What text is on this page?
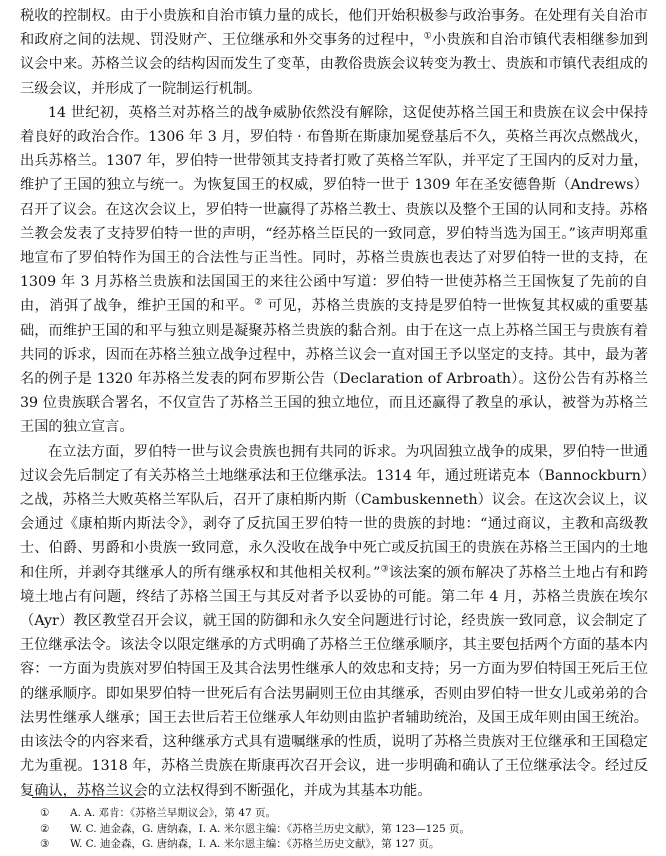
税收的控制权。由于小贵族和自治市镇力量的成长，他们开始积极参与政治事务。在处理有关自治市和政府之间的法规、罚没财产、王位继承和外交事务的过程中，①小贵族和自治市镇代表相继参加到议会中来。苏格兰议会的结构因而发生了变革，由教俗贵族会议转变为教士、贵族和市镇代表组成的三级会议，并形成了一院制运行机制。

14 世纪初，英格兰对苏格兰的战争威胁依然没有解除，这促使苏格兰国王和贵族在议会中保持着良好的政治合作。1306 年 3 月，罗伯特 · 布鲁斯在斯康加冕登基后不久，英格兰再次点燃战火，出兵苏格兰。1307 年，罗伯特一世带领其支持者打败了英格兰军队，并平定了王国内的反对力量，维护了王国的独立与统一。为恢复国王的权威，罗伯特一世于 1309 年在圣安德鲁斯（Andrews）召开了议会。在这次会议上，罗伯特一世赢得了苏格兰教士、贵族以及整个王国的认同和支持。苏格兰教会发表了支持罗伯特一世的声明，“经苏格兰臣民的一致同意，罗伯特当选为国王。”该声明郑重地宣布了罗伯特作为国王的合法性与正当性。同时，苏格兰贵族也表达了对罗伯特一世的支持，在 1309 年 3 月苏格兰贵族和法国国王的来往公函中写道：罗伯特一世使苏格兰王国恢复了先前的自由，消弭了战争，维护王国的和平。② 可见，苏格兰贵族的支持是罗伯特一世恢复其权威的重要基础，而维护王国的和平与独立则是凝聚苏格兰贵族的黏合剂。由于在这一点上苏格兰国王与贵族有着共同的诉求，因而在苏格兰独立战争过程中，苏格兰议会一直对国王予以坚定的支持。其中，最为著名的例子是 1320 年苏格兰发表的阿布罗斯公告（Declaration of Arbroath）。这份公告有苏格兰 39 位贵族联合署名，不仅宣告了苏格兰王国的独立地位，而且还赢得了教皇的承认，被誉为苏格兰王国的独立宣言。

在立法方面，罗伯特一世与议会贵族也拥有共同的诉求。为巩固独立战争的成果，罗伯特一世通过议会先后制定了有关苏格兰土地继承法和王位继承法。1314 年，通过班诺克本（Bannockburn）之战，苏格兰大败英格兰军队后，召开了康柏斯内斯（Cambuskenneth）议会。在这次会议上，议会通过《康柏斯内斯法令》，剥夺了反抗国王罗伯特一世的贵族的封地：“通过商议，主教和高级教士、伯爵、男爵和小贵族一致同意，永久没收在战争中死亡或反抗国王的贵族在苏格兰王国内的土地和住所，并剥夺其继承人的所有继承权和其他相关权利。”③该法案的颁布解决了苏格兰土地占有和跨境土地占有问题，终结了苏格兰国王与其反对者予以妥协的可能。第二年 4 月，苏格兰贵族在埃尔（Ayr）教区教堂召开会议，就王国的防御和永久安全问题进行讨论，经贵族一致同意，议会制定了王位继承法令。该法令以限定继承的方式明确了苏格兰王位继承顺序，其主要包括两个方面的基本内容：一方面为贵族对罗伯特国王及其合法男性继承人的效忠和支持；另一方面为罗伯特国王死后王位的继承顺序。即如果罗伯特一世死后有合法男嗣则王位由其继承，否则由罗伯特一世女儿或弟弟的合法男性继承人继承；国王去世后若王位继承人年幼则由监护者辅助统治，及国王成年则由国王统治。由该法令的内容来看，这种继承方式具有遗嘱继承的性质，说明了苏格兰贵族对王位继承和王国稳定尤为重视。1318 年，苏格兰贵族在斯康再次召开会议，进一步明确和确认了王位继承法令。经过反复确认，苏格兰议会的立法权得到不断强化，并成为其基本功能。

① A. A. 邓肯：《苏格兰早期议会》，第 47 页。
② W. C. 迪金森，G. 唐纳森，I. A. 米尔恩主编：《苏格兰历史文献》，第 123—125 页。
③ W. C. 迪金森，G. 唐纳森，I. A. 米尔恩主编：《苏格兰历史文献》，第 127 页。
